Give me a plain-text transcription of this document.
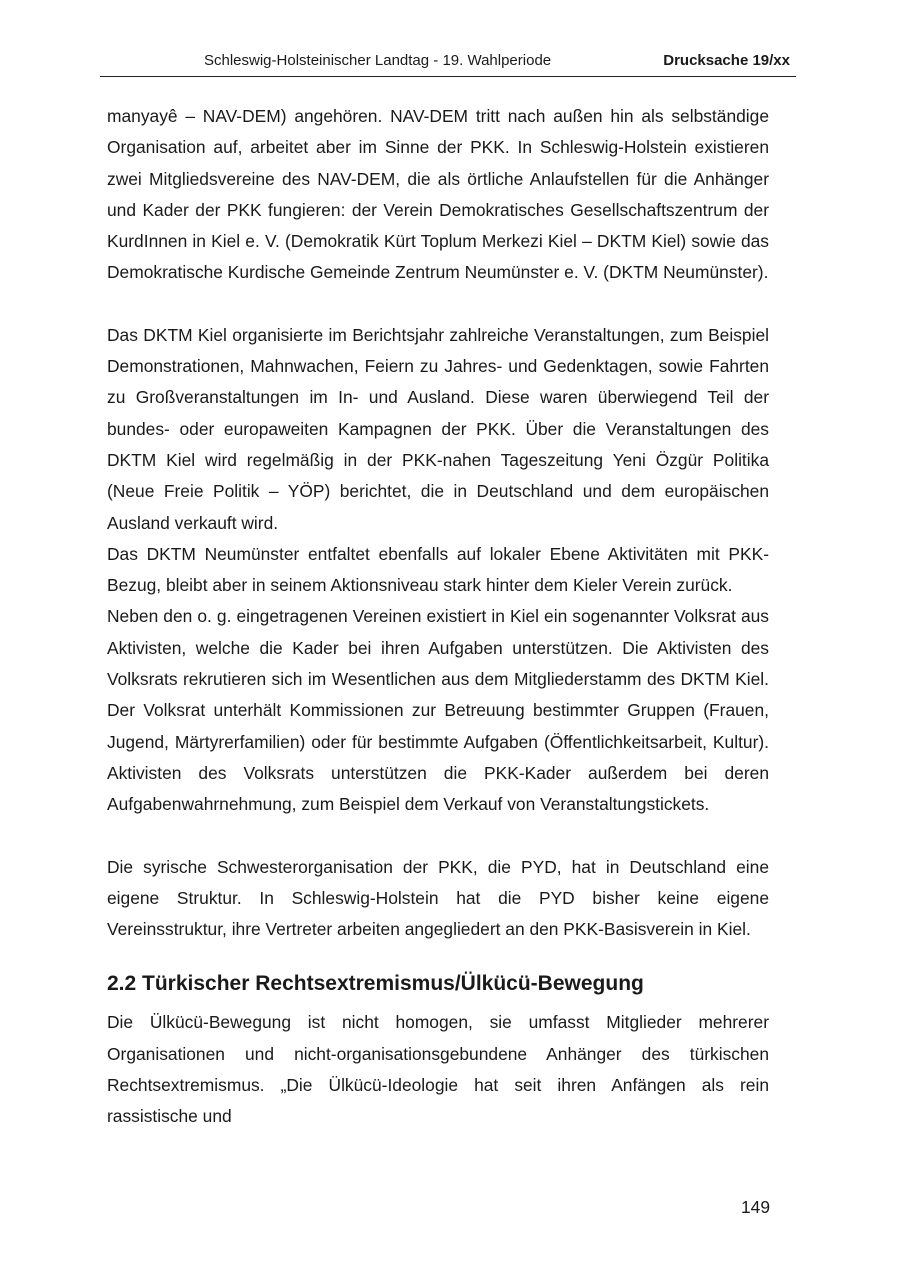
Schleswig-Holsteinischer Landtag - 19. Wahlperiode	Drucksache 19/xx

manyayê – NAV-DEM) angehören. NAV-DEM tritt nach außen hin als selbständige Organisation auf, arbeitet aber im Sinne der PKK. In Schleswig-Holstein existieren zwei Mitgliedsvereine des NAV-DEM, die als örtliche Anlaufstellen für die Anhänger und Kader der PKK fungieren: der Verein Demokratisches Gesellschaftszentrum der KurdInnen in Kiel e. V. (Demokratik Kürt Toplum Merkezi Kiel – DKTM Kiel) sowie das Demokratische Kurdische Gemeinde Zentrum Neumünster e. V. (DKTM Neumünster).

Das DKTM Kiel organisierte im Berichtsjahr zahlreiche Veranstaltungen, zum Beispiel Demonstrationen, Mahnwachen, Feiern zu Jahres- und Gedenktagen, sowie Fahrten zu Großveranstaltungen im In- und Ausland. Diese waren überwiegend Teil der bundes- oder europaweiten Kampagnen der PKK. Über die Veranstaltungen des DKTM Kiel wird regelmäßig in der PKK-nahen Tageszeitung Yeni Özgür Politika (Neue Freie Politik – YÖP) berichtet, die in Deutschland und dem europäischen Ausland verkauft wird.

Das DKTM Neumünster entfaltet ebenfalls auf lokaler Ebene Aktivitäten mit PKK-Bezug, bleibt aber in seinem Aktionsniveau stark hinter dem Kieler Verein zurück.

Neben den o. g. eingetragenen Vereinen existiert in Kiel ein sogenannter Volksrat aus Aktivisten, welche die Kader bei ihren Aufgaben unterstützen. Die Aktivisten des Volksrats rekrutieren sich im Wesentlichen aus dem Mitgliederstamm des DKTM Kiel. Der Volksrat unterhält Kommissionen zur Betreuung bestimmter Gruppen (Frauen, Jugend, Märtyrerfamilien) oder für bestimmte Aufgaben (Öffentlichkeitsarbeit, Kultur). Aktivisten des Volksrats unterstützen die PKK-Kader außerdem bei deren Aufgabenwahrnehmung, zum Beispiel dem Verkauf von Veranstaltungstickets.

Die syrische Schwesterorganisation der PKK, die PYD, hat in Deutschland eine eigene Struktur. In Schleswig-Holstein hat die PYD bisher keine eigene Vereinsstruktur, ihre Vertreter arbeiten angegliedert an den PKK-Basisverein in Kiel.

2.2 Türkischer Rechtsextremismus/Ülkücü-Bewegung

Die Ülkücü-Bewegung ist nicht homogen, sie umfasst Mitglieder mehrerer Organisationen und nicht-organisationsgebundene Anhänger des türkischen Rechtsextremismus. „Die Ülkücü-Ideologie hat seit ihren Anfängen als rein rassistische und

149
